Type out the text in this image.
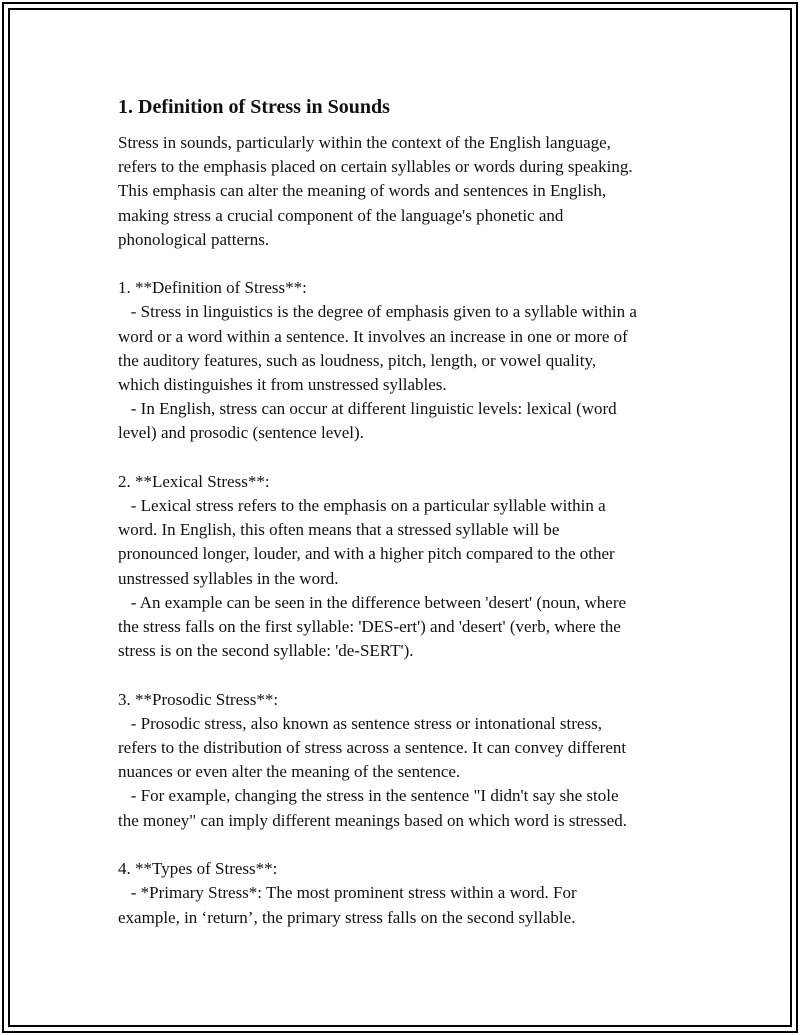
1. Definition of Stress in Sounds

Stress in sounds, particularly within the context of the English language,
refers to the emphasis placed on certain syllables or words during speaking.
This emphasis can alter the meaning of words and sentences in English,
making stress a crucial component of the language's phonetic and
phonological patterns.

1. **Definition of Stress**:
- Stress in linguistics is the degree of emphasis given to a syllable within a
word or a word within a sentence. It involves an increase in one or more of
the auditory features, such as loudness, pitch, length, or vowel quality,
which distinguishes it from unstressed syllables.
- In English, stress can occur at different linguistic levels: lexical (word
level) and prosodic (sentence level).

2. **Lexical Stress**:
- Lexical stress refers to the emphasis on a particular syllable within a
word. In English, this often means that a stressed syllable will be
pronounced longer, louder, and with a higher pitch compared to the other
unstressed syllables in the word.
- An example can be seen in the difference between 'desert' (noun, where
the stress falls on the first syllable: 'DES-ert') and 'desert' (verb, where the
stress is on the second syllable: 'de-SERT').

3. **Prosodic Stress**:
- Prosodic stress, also known as sentence stress or intonational stress,
refers to the distribution of stress across a sentence. It can convey different
nuances or even alter the meaning of the sentence.
- For example, changing the stress in the sentence "I didn't say she stole
the money" can imply different meanings based on which word is stressed.

4. **Types of Stress**:
- *Primary Stress*: The most prominent stress within a word. For
example, in ‘return’, the primary stress falls on the second syllable.
